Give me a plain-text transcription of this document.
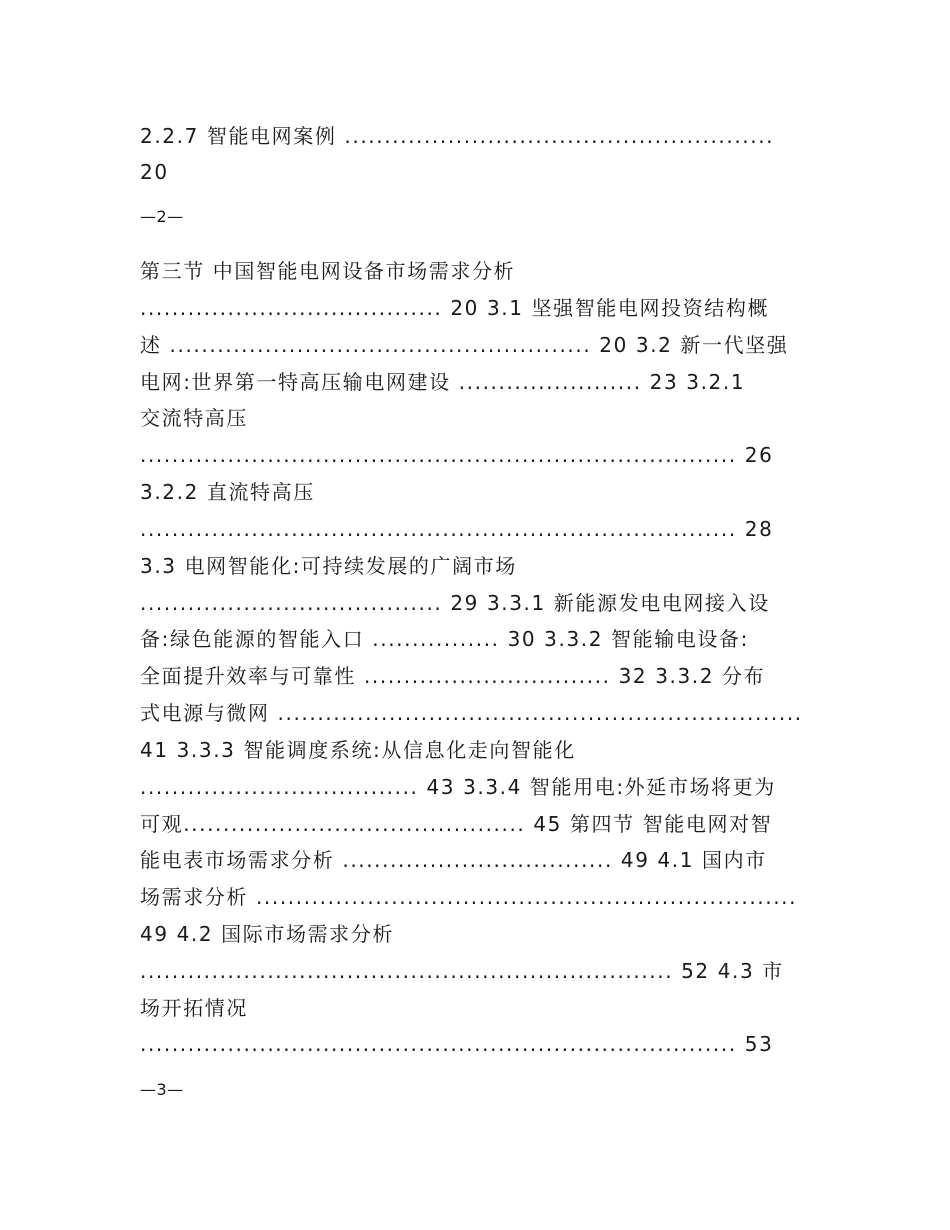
2.2.7 智能电网案例 ......................................................
20
—2—
第三节 中国智能电网设备市场需求分析
...................................... 20 3.1 坚强智能电网投资结构概
述 ..................................................... 20 3.2 新一代坚强
电网:世界第一特高压输电网建设 ....................... 23 3.2.1
交流特高压
........................................................................... 26
3.2.2 直流特高压
........................................................................... 28
3.3 电网智能化:可持续发展的广阔市场
...................................... 29 3.3.1 新能源发电电网接入设
备:绿色能源的智能入口 ................ 30 3.3.2 智能输电设备:
全面提升效率与可靠性 ............................... 32 3.3.2 分布
式电源与微网 ..................................................................
41 3.3.3 智能调度系统:从信息化走向智能化
................................... 43 3.3.4 智能用电:外延市场将更为
可观........................................... 45 第四节 智能电网对智
能电表市场需求分析 .................................. 49 4.1 国内市
场需求分析 ....................................................................
49 4.2 国际市场需求分析
................................................................... 52 4.3 市
场开拓情况
........................................................................... 53
—3—
